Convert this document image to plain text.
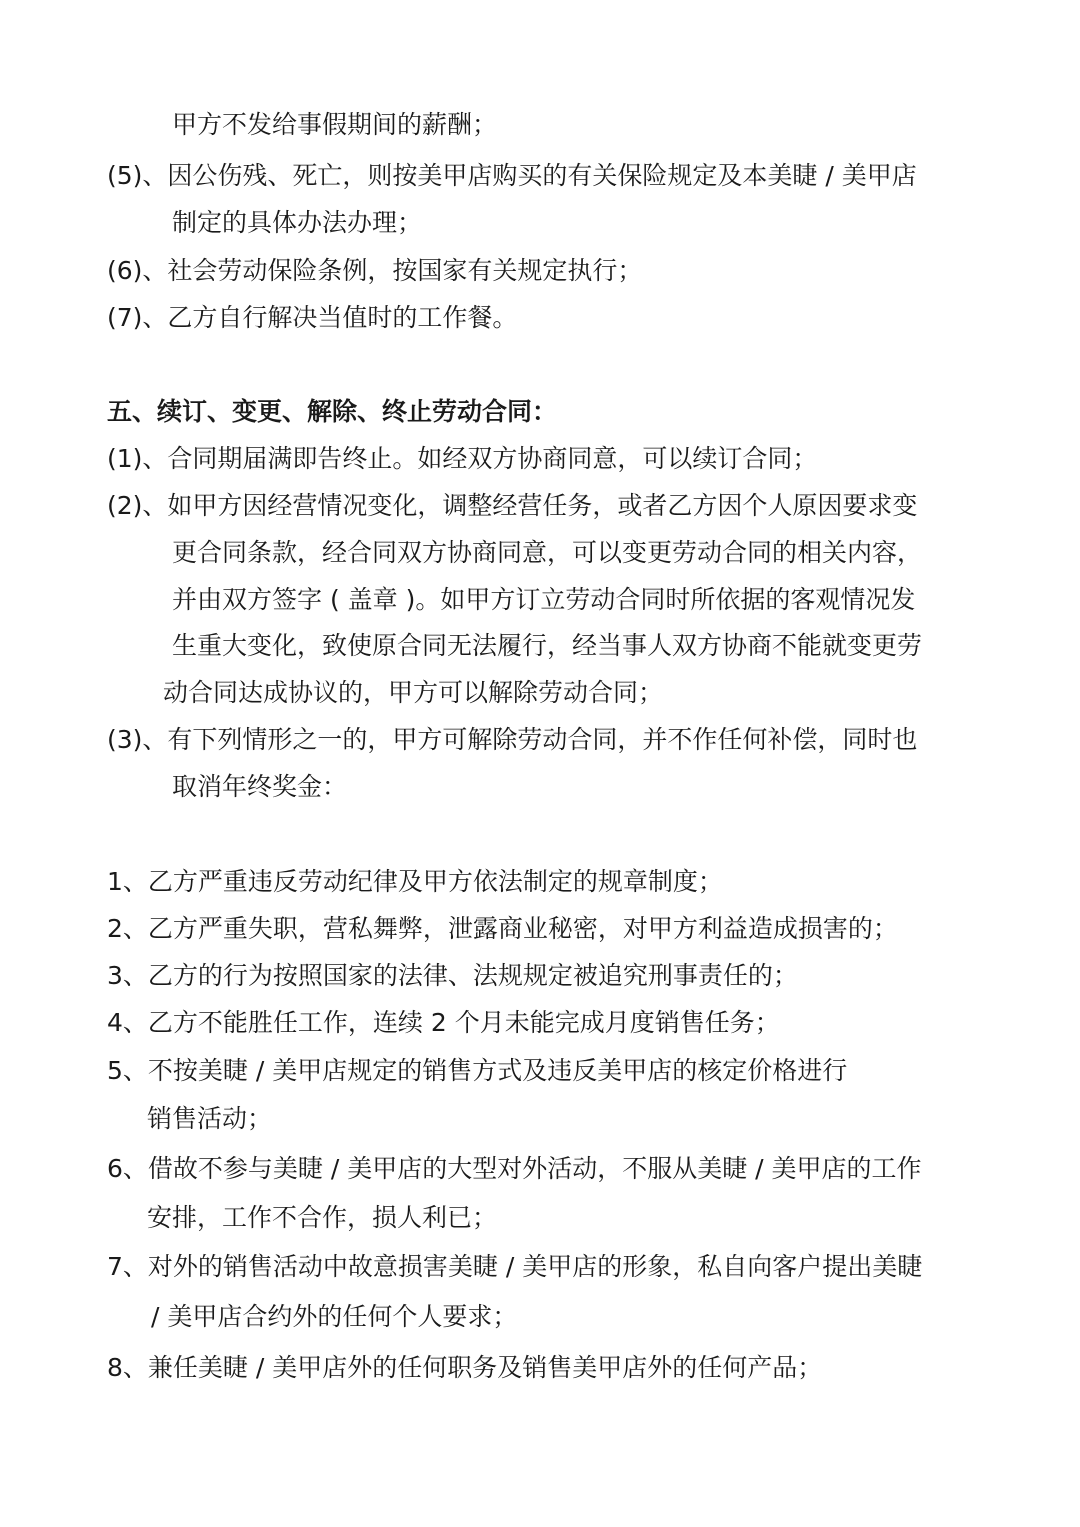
甲方不发给事假期间的薪酬；
(5)、因公伤残、死亡，则按美甲店购买的有关保险规定及本美睫 / 美甲店
制定的具体办法办理；
(6)、社会劳动保险条例，按国家有关规定执行；
(7)、乙方自行解决当值时的工作餐。
五、续订、变更、解除、终止劳动合同：
(1)、合同期届满即告终止。如经双方协商同意，可以续订合同；
(2)、如甲方因经营情况变化，调整经营任务，或者乙方因个人原因要求变
更合同条款，经合同双方协商同意，可以变更劳动合同的相关内容，
并由双方签字 ( 盖章 )。如甲方订立劳动合同时所依据的客观情况发
生重大变化，致使原合同无法履行，经当事人双方协商不能就变更劳
动合同达成协议的，甲方可以解除劳动合同；
(3)、有下列情形之一的，甲方可解除劳动合同，并不作任何补偿，同时也
取消年终奖金：
1、乙方严重违反劳动纪律及甲方依法制定的规章制度；
2、乙方严重失职，营私舞弊，泄露商业秘密，对甲方利益造成损害的；
3、乙方的行为按照国家的法律、法规规定被追究刑事责任的；
4、乙方不能胜任工作，连续 2 个月未能完成月度销售任务；
5、不按美睫 / 美甲店规定的销售方式及违反美甲店的核定价格进行
销售活动；
6、借故不参与美睫 / 美甲店的大型对外活动，不服从美睫 / 美甲店的工作
安排，工作不合作，损人利已；
7、对外的销售活动中故意损害美睫 / 美甲店的形象，私自向客户提出美睫
/ 美甲店合约外的任何个人要求；
8、兼任美睫 / 美甲店外的任何职务及销售美甲店外的任何产品；
